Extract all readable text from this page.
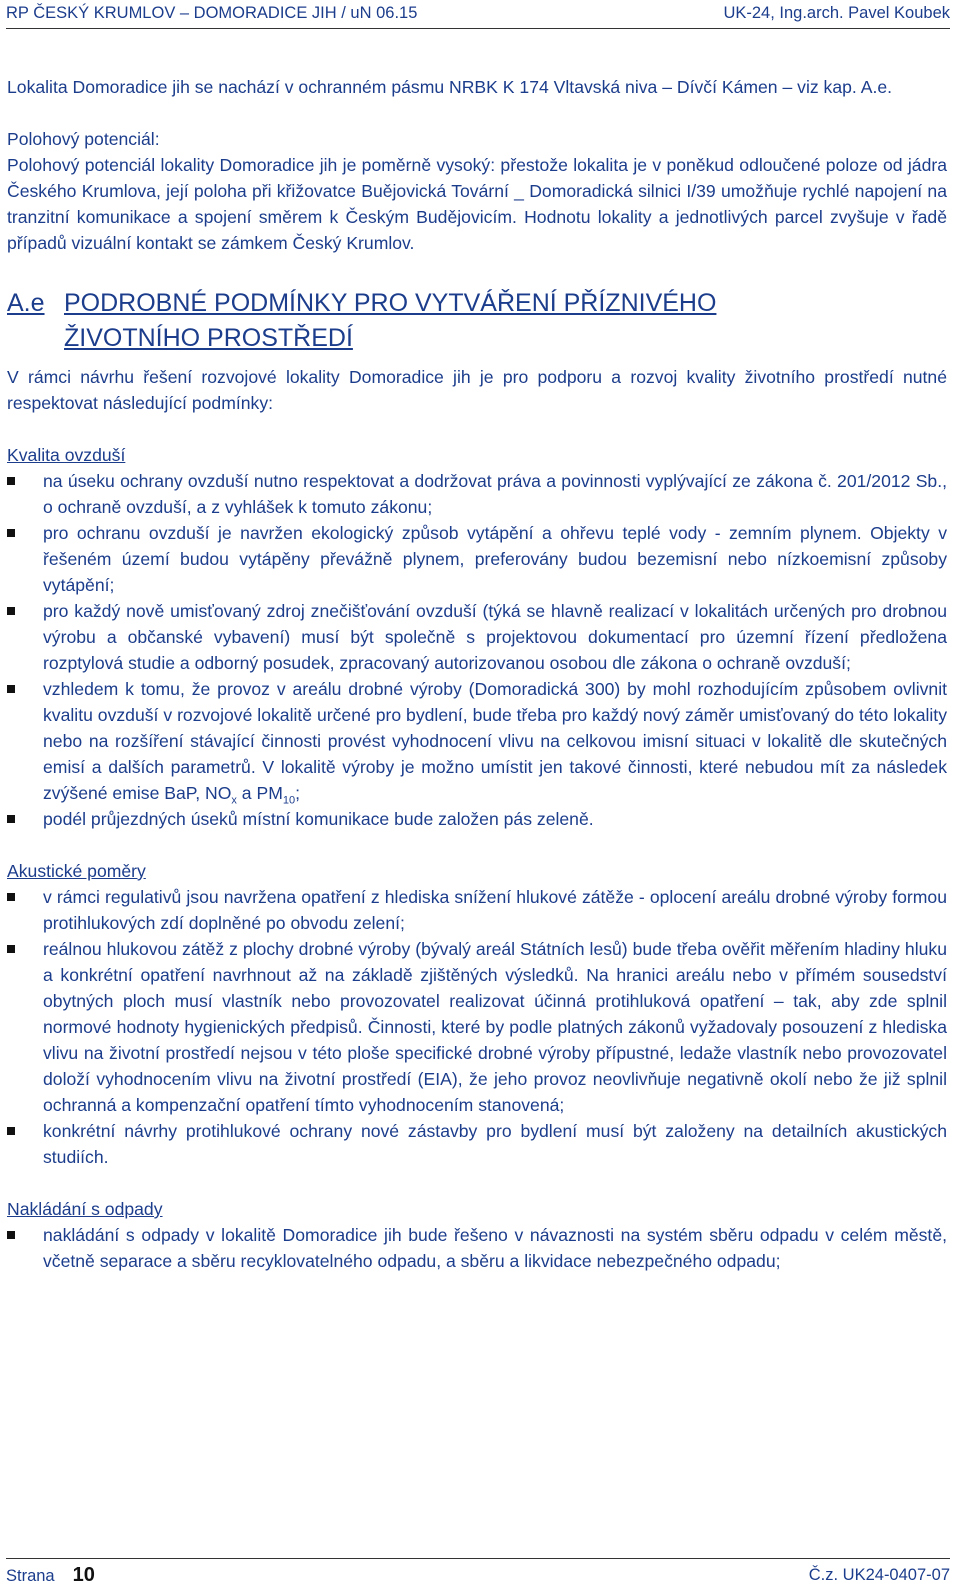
RP ČESKÝ KRUMLOV – DOMORADICE JIH / uN 06.15	UK-24, Ing.arch. Pavel Koubek

Lokalita Domoradice jih se nachází v ochranném pásmu NRBK K 174 Vltavská niva – Dívčí Kámen – viz kap. A.e.

Polohový potenciál:

Polohový potenciál lokality Domoradice jih je poměrně vysoký: přestože lokalita je v poněkud odloučené poloze od jádra Českého Krumlova, její poloha při křižovatce Buějovická Tovární _ Domoradická silnici I/39 umožňuje rychlé napojení na tranzitní komunikace a spojení směrem k Českým Budějovicím. Hodnotu lokality a jednotlivých parcel zvyšuje v řadě případů vizuální kontakt se zámkem Český Krumlov.

A.e PODROBNÉ PODMÍNKY PRO VYTVÁŘENÍ PŘÍZNIVÉHO
ŽIVOTNÍHO PROSTŘEDÍ

V rámci návrhu řešení rozvojové lokality Domoradice jih je pro podporu a rozvoj kvality životního prostředí nutné respektovat následující podmínky:

Kvalita ovzduší

na úseku ochrany ovzduší nutno respektovat a dodržovat práva a povinnosti vyplývající ze zákona č. 201/2012 Sb., o ochraně ovzduší, a z vyhlášek k tomuto zákonu;
pro ochranu ovzduší je navržen ekologický způsob vytápění a ohřevu teplé vody - zemním plynem. Objekty v řešeném území budou vytápěny převážně plynem, preferovány budou bezemisní nebo nízkoemisní způsoby vytápění;
pro každý nově umisťovaný zdroj znečišťování ovzduší (týká se hlavně realizací v lokalitách určených pro drobnou výrobu a občanské vybavení) musí být společně s projektovou dokumentací pro územní řízení předložena rozptylová studie a odborný posudek, zpracovaný autorizovanou osobou dle zákona o ochraně ovzduší;
vzhledem k tomu, že provoz v areálu drobné výroby (Domoradická 300) by mohl rozhodujícím způsobem ovlivnit kvalitu ovzduší v rozvojové lokalitě určené pro bydlení, bude třeba pro každý nový záměr umisťovaný do této lokality nebo na rozšíření stávající činnosti provést vyhodnocení vlivu na celkovou imisní situaci v lokalitě dle skutečných emisí a dalších parametrů. V lokalitě výroby je možno umístit jen takové činnosti, které nebudou mít za následek zvýšené emise BaP, $NO_x$ a $PM_{10}$;
podél průjezdných úseků místní komunikace bude založen pás zeleně.

Akustické poměry

v rámci regulativů jsou navržena opatření z hlediska snížení hlukové zátěže - oplocení areálu drobné výroby formou protihlukových zdí doplněné po obvodu zelení;
reálnou hlukovou zátěž z plochy drobné výroby (bývalý areál Státních lesů) bude třeba ověřit měřením hladiny hluku a konkrétní opatření navrhnout až na základě zjištěných výsledků. Na hranici areálu nebo v přímém sousedství obytných ploch musí vlastník nebo provozovatel realizovat účinná protihluková opatření – tak, aby zde splnil normové hodnoty hygienických předpisů. Činnosti, které by podle platných zákonů vyžadovaly posouzení z hlediska vlivu na životní prostředí nejsou v této ploše specifické drobné výroby přípustné, ledaže vlastník nebo provozovatel doloží vyhodnocením vlivu na životní prostředí (EIA), že jeho provoz neovlivňuje negativně okolí nebo že již splnil ochranná a kompenzační opatření tímto vyhodnocením stanovená;
konkrétní návrhy protihlukové ochrany nové zástavby pro bydlení musí být založeny na detailních akustických studiích.

Nakládání s odpady

nakládání s odpady v lokalitě Domoradice jih bude řešeno v návaznosti na systém sběru odpadu v celém městě, včetně separace a sběru recyklovatelného odpadu, a sběru a likvidace nebezpečného odpadu;
Strana 10	Č.z. UK24-0407-07
